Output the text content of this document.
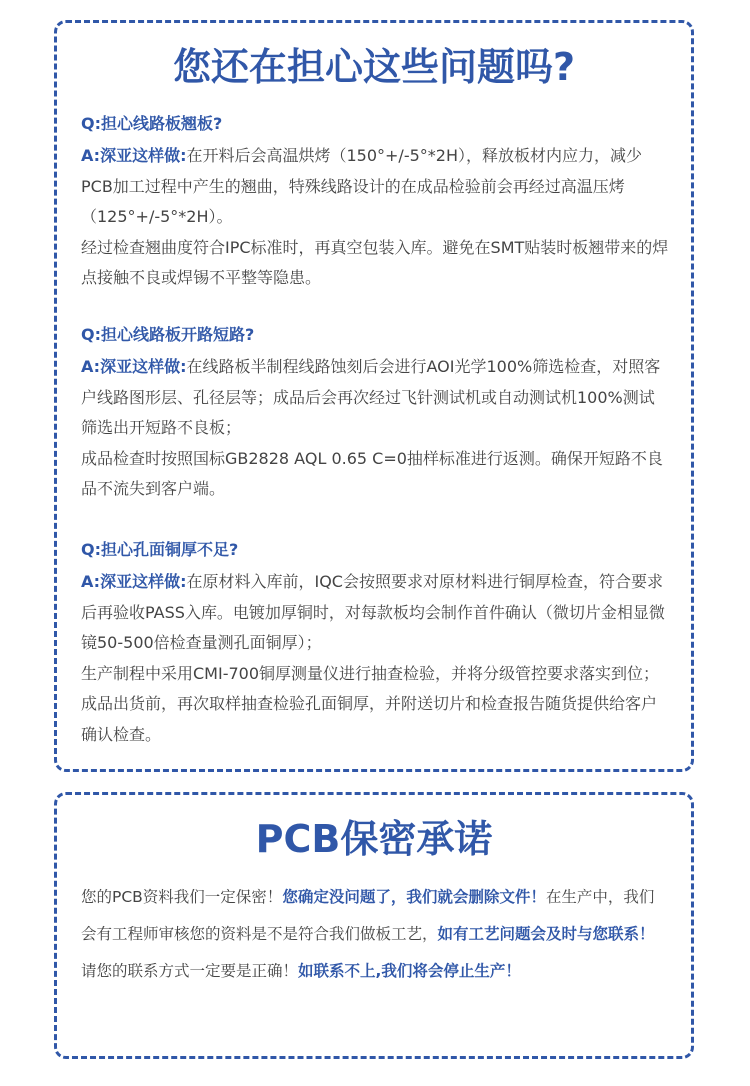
您还在担心这些问题吗?

Q:担心线路板翘板?

A:深亚这样做:在开料后会高温烘烤（150°+/-5°*2H），释放板材内应力，减少PCB加工过程中产生的翘曲，特殊线路设计的在成品检验前会再经过高温压烤（125°+/-5°*2H）。

经过检查翘曲度符合IPC标准时，再真空包装入库。避免在SMT贴装时板翘带来的焊点接触不良或焊锡不平整等隐患。

Q:担心线路板开路短路?

A:深亚这样做:在线路板半制程线路蚀刻后会进行AOI光学100%筛选检查，对照客户线路图形层、孔径层等；成品后会再次经过飞针测试机或自动测试机100%测试筛选出开短路不良板；

成品检查时按照国标GB2828 AQL 0.65 C=0抽样标准进行返测。确保开短路不良品不流失到客户端。

Q:担心孔面铜厚不足?

A:深亚这样做:在原材料入库前，IQC会按照要求对原材料进行铜厚检查，符合要求后再验收PASS入库。电镀加厚铜时，对每款板均会制作首件确认（微切片金相显微镜50-500倍检查量测孔面铜厚）；

生产制程中采用CMI-700铜厚测量仪进行抽查检验，并将分级管控要求落实到位；成品出货前，再次取样抽查检验孔面铜厚，并附送切片和检查报告随货提供给客户确认检查。

PCB保密承诺

您的PCB资料我们一定保密！您确定没问题了，我们就会删除文件！在生产中，我们会有工程师审核您的资料是不是符合我们做板工艺，如有工艺问题会及时与您联系！请您的联系方式一定要是正确！如联系不上,我们将会停止生产！
